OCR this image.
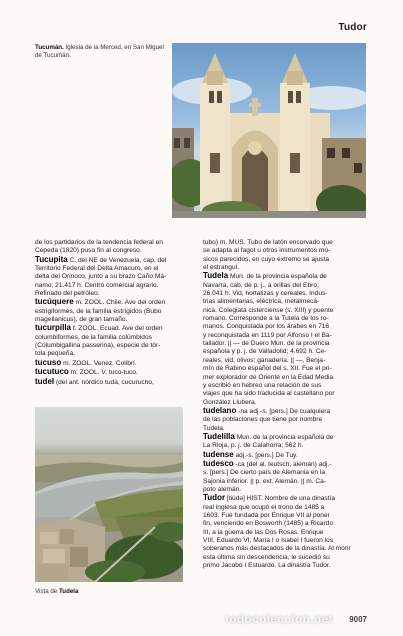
Tudor
Tucumán. Iglesia de la Merced, en San Miguel de Tucumán.
de los partidarios de la tendencia federal en
Cepeda (1820) puso fin al congreso.
Tucupita C. del NE de Venezuela, cap. del
Territorio Federal del Delta Amacuro, en el
delta del Orinoco, junto a su brazo Caño Má-
namo; 21.417 h. Centro comercial agrario.
Refinado del petróleo.
tucúquere m. ZOOL. Chile. Ave del orden
estrigiformes, de la familia estrígidos (Bubo
magellanicus), de gran tamaño.
tucurpilla f. ZOOL. Ecuad. Ave del orden
columbiformes, de la familia colúmbidos
(Columbigallina passerina), especie de tór-
tola pequeña.
tucuso m. ZOOL. Venez. Colibrí.
tucutuco m. ZOOL. V. tuco-tuco.
tudel (del ant. nórdico tuda, cucurucho,
tubo) m. MÚS. Tubo de latón encorvado que
se adapta al fagot u otros instrumentos mú-
sicos parecidos, en cuyo extremo se ajusta
el estrangul.
Tudela Mun. de la provincia española de
Navarra, cab. de p. j., a orillas del Ebro;
26.041 h. Vid, hortalizas y cereales. Indus-
trias alimentarias, eléctrica, metalmecá-
nica. Colegiata cisterciense (s. XIII) y puente
romano. Corresponde a la Tutela de los ro-
manos. Conquistada por los árabes en 716
y reconquistada en 1119 por Alfonso I el Ba-
tallador. || — de Duero Mun. de la provincia
española y p. j. de Valladolid; 4.692 h. Ce-
reales, vid, olivos; ganadería. || —, Benja-
mín de Rabino español del s. XII. Fue el pri-
mer explorador de Oriente en la Edad Media
y escribió en hebreo una relación de sus
viajes que ha sido traducida al castellano por
González Llubera.
tudelano -na adj.-s. [pers.] De cualquiera
de las poblaciones que tiene por nombre
Tudela.
Tudelilla Mun. de la provincia española de
La Rioja, p. j. de Calahorra; 562 h.
tudense adj.-s. [pers.] De Tuy.
tudesco -ca (del al. teutsch, alemán) adj.-
s. [pers.] De cierto país de Alemania en la
Sajonia inferior. || p. ext. Alemán. || m. Ca-
poto alemán.
Tudor [tiúdə] HIST. Nombre de una dinastía
real inglesa que ocupó el trono de 1485 a
1603. Fue fundada por Enrique VII al poner
fin, venciendo en Bosworth (1485) a Ricardo
III, a la guerra de las Dos Rosas. Enrique
VIII, Eduardo VI, María I o Isabel I fueron los
soberanos más destacados de la dinastía. Al morir
esta última sin descendencia, le sucedió su
primo Jacobo I Estuardo. La dinastía Tudor.
Vista de Tudela
todocoleccion.net 9007
